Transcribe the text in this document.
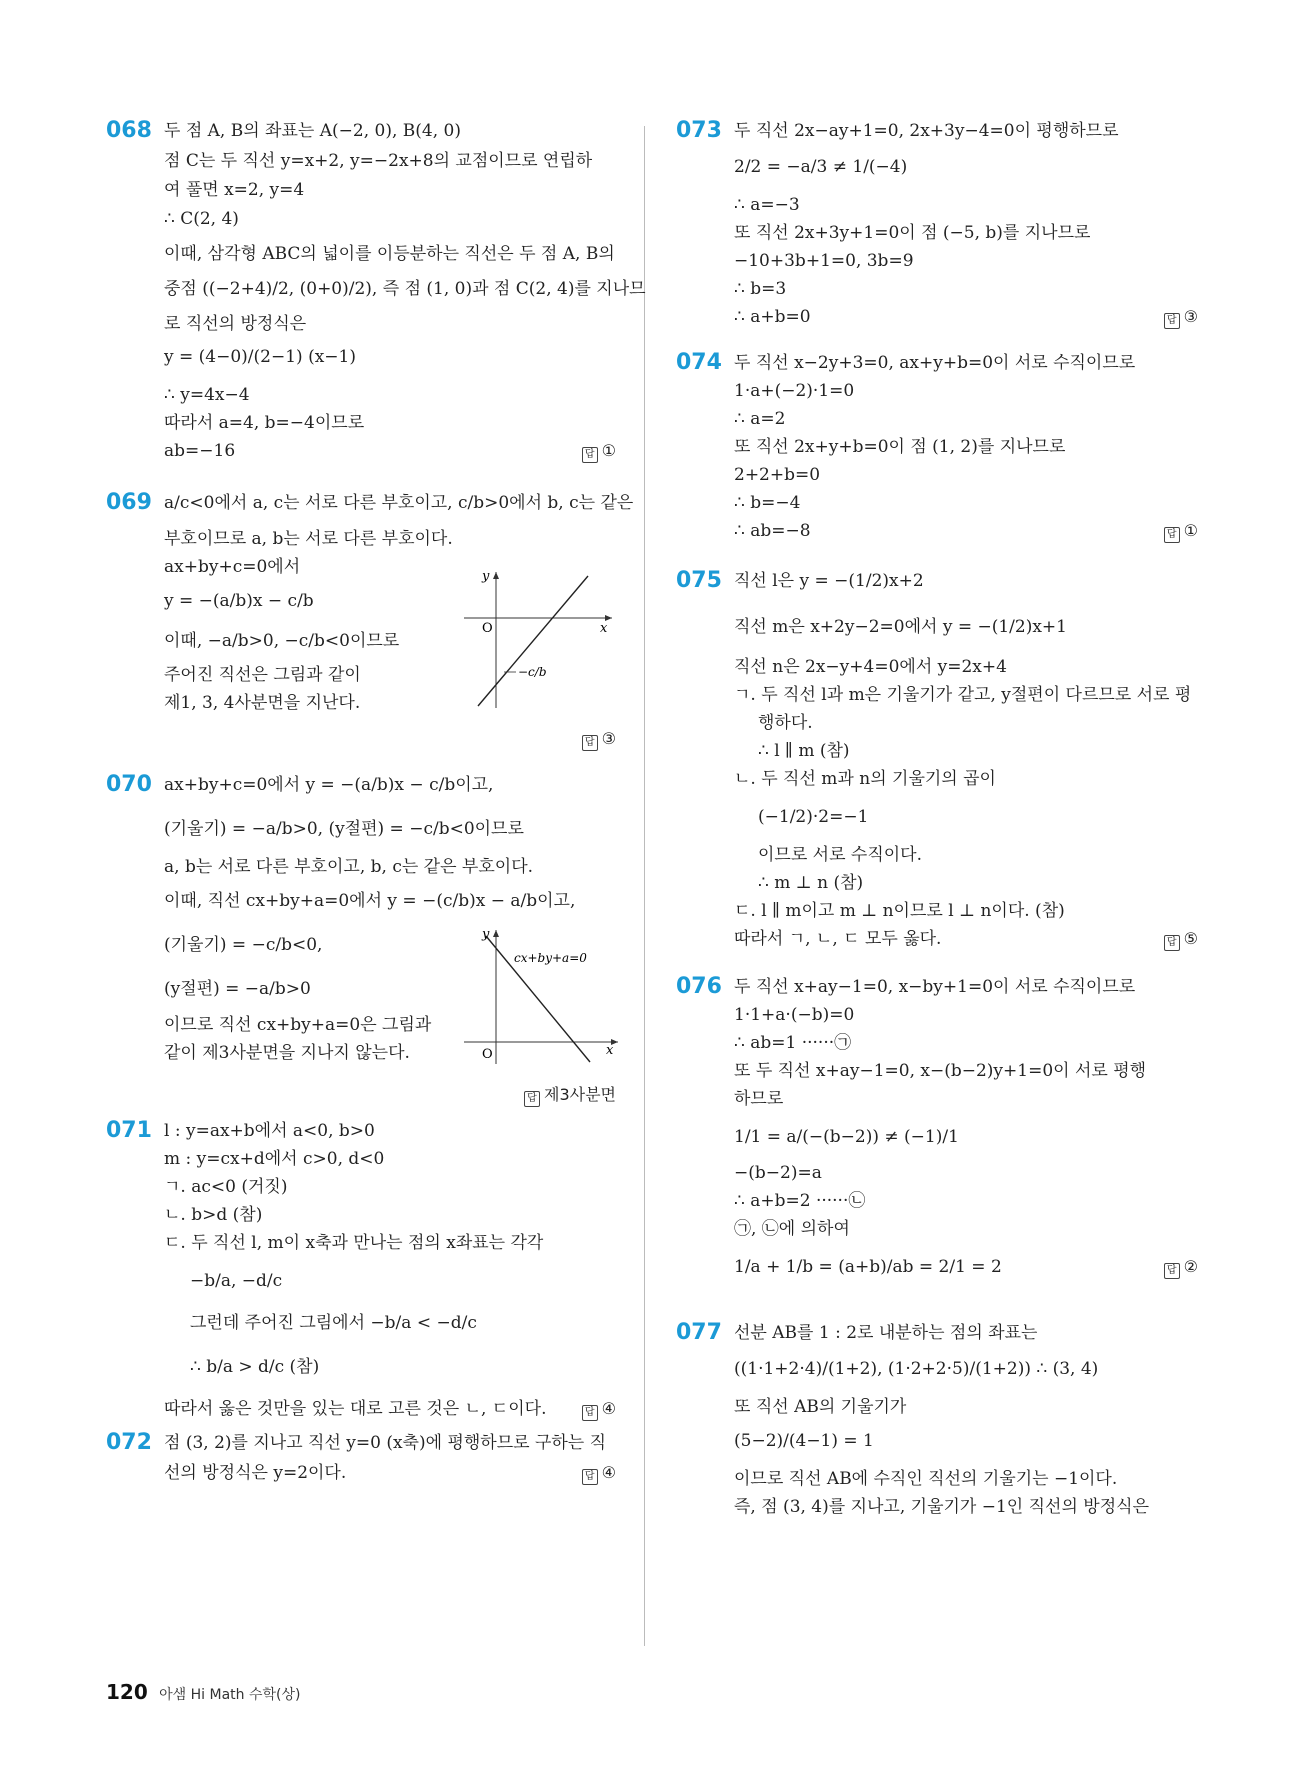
068 두 점 A, B의 좌표는 A(−2, 0), B(4, 0)
점 C는 두 직선 y=x+2, y=−2x+8의 교점이므로 연립하
여 풀면 x=2, y=4
∴ C(2, 4)
이때, 삼각형 ABC의 넓이를 이등분하는 직선은 두 점 A, B의
중점 ((−2+4)/2, (0+0)/2), 즉 점 (1, 0)과 점 C(2, 4)를 지나므
로 직선의 방정식은
y = (4−0)/(2−1) (x−1)
∴ y=4x−4
따라서 a=4, b=−4이므로
ab=−16	답 ①
069 a/c<0에서 a, c는 서로 다른 부호이고, c/b>0에서 b, c는 같은
부호이므로 a, b는 서로 다른 부호이다.
ax+by+c=0에서
y = −(a/b)x − c/b
이때, −a/b>0, −c/b<0이므로
주어진 직선은 그림과 같이
제1, 3, 4사분면을 지난다.
x
y
O
−c/b
답 ③
070 ax+by+c=0에서 y = −(a/b)x − c/b이고,
(기울기) = −a/b>0, (y절편) = −c/b<0이므로
a, b는 서로 다른 부호이고, b, c는 같은 부호이다.
이때, 직선 cx+by+a=0에서 y = −(c/b)x − a/b이고,
(기울기) = −c/b<0,
(y절편) = −a/b>0
이므로 직선 cx+by+a=0은 그림과
같이 제3사분면을 지나지 않는다.	x
y
O
cx+by+a=0
답 제3사분면
071 l : y=ax+b에서 a<0, b>0
m : y=cx+d에서 c>0, d<0
ㄱ. ac<0 (거짓)
ㄴ. b>d (참)
ㄷ. 두 직선 l, m이 x축과 만나는 점의 x좌표는 각각
−b/a, −d/c
그런데 주어진 그림에서 −b/a < −d/c
∴ b/a > d/c (참)
따라서 옳은 것만을 있는 대로 고른 것은 ㄴ, ㄷ이다.	답 ④
072 점 (3, 2)를 지나고 직선 y=0 (x축)에 평행하므로 구하는 직
선의 방정식은 y=2이다.	답 ④
073 두 직선 2x−ay+1=0, 2x+3y−4=0이 평행하므로
2/2 = −a/3 ≠ 1/(−4)
∴ a=−3
또 직선 2x+3y+1=0이 점 (−5, b)를 지나므로
−10+3b+1=0, 3b=9
∴ b=3
∴ a+b=0	답 ③
074 두 직선 x−2y+3=0, ax+y+b=0이 서로 수직이므로
1·a+(−2)·1=0
∴ a=2
또 직선 2x+y+b=0이 점 (1, 2)를 지나므로
2+2+b=0
∴ b=−4
∴ ab=−8	답 ①
075 직선 l은 y = −(1/2)x+2
직선 m은 x+2y−2=0에서 y = −(1/2)x+1
직선 n은 2x−y+4=0에서 y=2x+4
ㄱ. 두 직선 l과 m은 기울기가 같고, y절편이 다르므로 서로 평
행하다.
∴ l ∥ m (참)
ㄴ. 두 직선 m과 n의 기울기의 곱이
(−1/2)·2=−1
이므로 서로 수직이다.
∴ m ⊥ n (참)
ㄷ. l ∥ m이고 m ⊥ n이므로 l ⊥ n이다. (참)
따라서 ㄱ, ㄴ, ㄷ 모두 옳다.	답 ⑤
076 두 직선 x+ay−1=0, x−by+1=0이 서로 수직이므로
1·1+a·(−b)=0
∴ ab=1 ······㉠
또 두 직선 x+ay−1=0, x−(b−2)y+1=0이 서로 평행
하므로
1/1 = a/(−(b−2)) ≠ (−1)/1
−(b−2)=a
∴ a+b=2 ······㉡
㉠, ㉡에 의하여
1/a + 1/b = (a+b)/ab = 2/1 = 2	답 ②
077 선분 AB를 1 : 2로 내분하는 점의 좌표는
((1·1+2·4)/(1+2), (1·2+2·5)/(1+2)) ∴ (3, 4)
또 직선 AB의 기울기가
(5−2)/(4−1) = 1
이므로 직선 AB에 수직인 직선의 기울기는 −1이다.
즉, 점 (3, 4)를 지나고, 기울기가 −1인 직선의 방정식은
120 아샘 Hi Math 수학(상)
